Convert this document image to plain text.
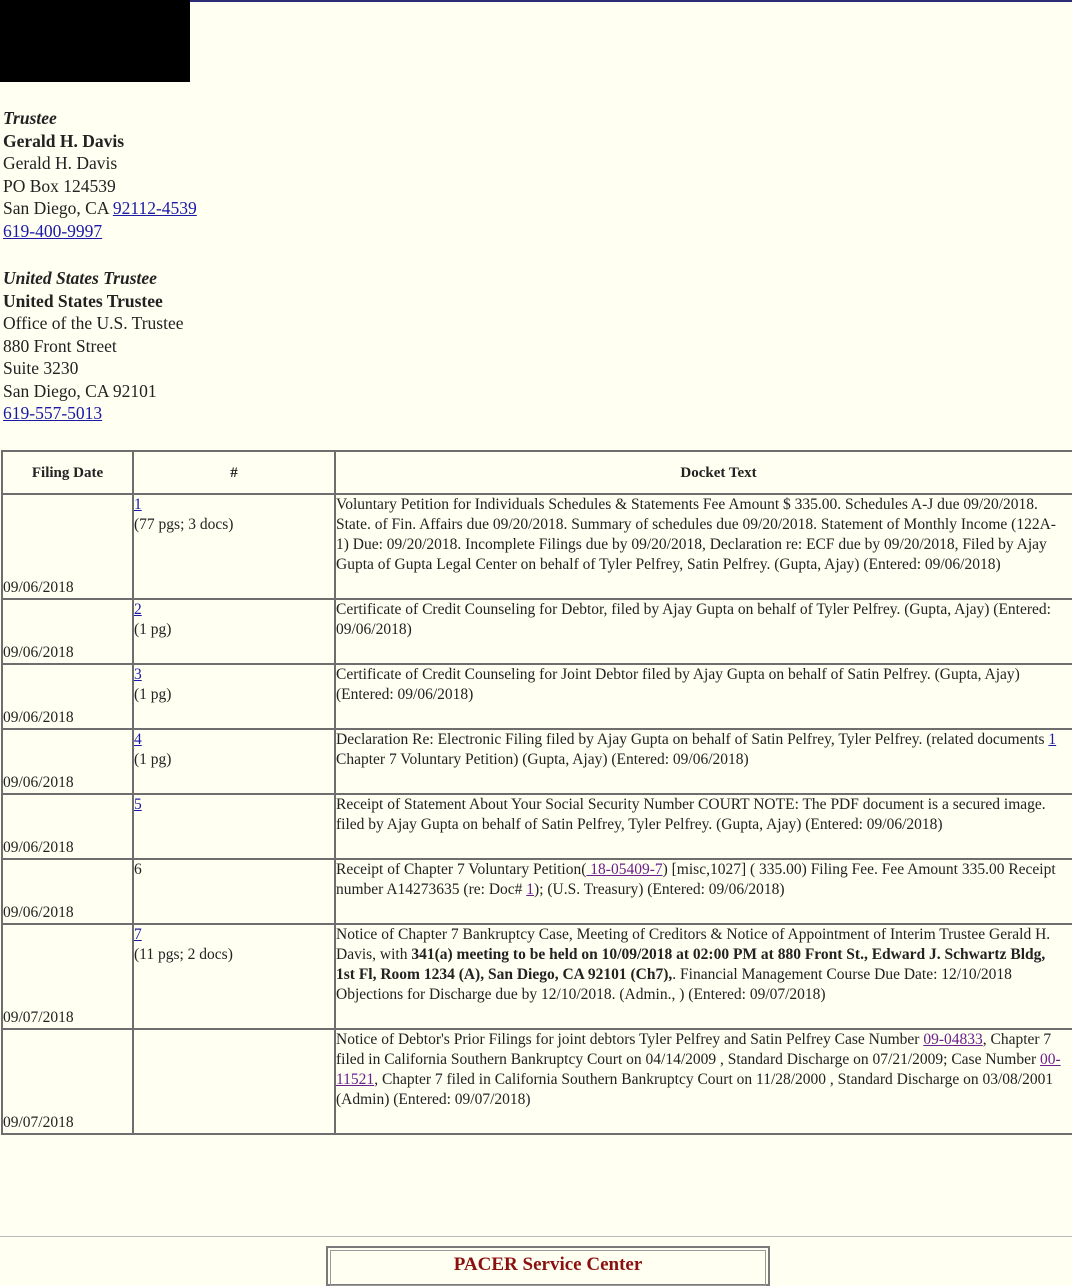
Trustee
Gerald H. Davis
Gerald H. Davis
PO Box 124539
San Diego, CA 92112-4539
619-400-9997
United States Trustee
United States Trustee
Office of the U.S. Trustee
880 Front Street
Suite 3230
San Diego, CA 92101
619-557-5013
Filing Date	#	Docket Text
09/06/2018	1
(77 pgs; 3 docs)	Voluntary Petition for Individuals Schedules & Statements Fee Amount $ 335.00. Schedules A-J due 09/20/2018.
State. of Fin. Affairs due 09/20/2018. Summary of schedules due 09/20/2018. Statement of Monthly Income (122A-
1) Due: 09/20/2018. Incomplete Filings due by 09/20/2018, Declaration re: ECF due by 09/20/2018, Filed by Ajay
Gupta of Gupta Legal Center on behalf of Tyler Pelfrey, Satin Pelfrey. (Gupta, Ajay) (Entered: 09/06/2018)

09/06/2018	2
(1 pg)	Certificate of Credit Counseling for Debtor, filed by Ajay Gupta on behalf of Tyler Pelfrey. (Gupta, Ajay) (Entered:
09/06/2018)

09/06/2018	3
(1 pg)	Certificate of Credit Counseling for Joint Debtor filed by Ajay Gupta on behalf of Satin Pelfrey. (Gupta, Ajay)
(Entered: 09/06/2018)

09/06/2018	4
(1 pg)	Declaration Re: Electronic Filing filed by Ajay Gupta on behalf of Satin Pelfrey, Tyler Pelfrey. (related documents 1
Chapter 7 Voluntary Petition) (Gupta, Ajay) (Entered: 09/06/2018)

09/06/2018	5	Receipt of Statement About Your Social Security Number COURT NOTE: The PDF document is a secured image.
filed by Ajay Gupta on behalf of Satin Pelfrey, Tyler Pelfrey. (Gupta, Ajay) (Entered: 09/06/2018)

09/06/2018	6	Receipt of Chapter 7 Voluntary Petition( 18-05409-7) [misc,1027] ( 335.00) Filing Fee. Fee Amount 335.00 Receipt
number A14273635 (re: Doc# 1); (U.S. Treasury) (Entered: 09/06/2018)

09/07/2018	7
(11 pgs; 2 docs)	Notice of Chapter 7 Bankruptcy Case, Meeting of Creditors & Notice of Appointment of Interim Trustee Gerald H.
Davis, with 341(a) meeting to be held on 10/09/2018 at 02:00 PM at 880 Front St., Edward J. Schwartz Bldg,
1st Fl, Room 1234 (A), San Diego, CA 92101 (Ch7),. Financial Management Course Due Date: 12/10/2018
Objections for Discharge due by 12/10/2018. (Admin., ) (Entered: 09/07/2018)

09/07/2018		Notice of Debtor's Prior Filings for joint debtors Tyler Pelfrey and Satin Pelfrey Case Number 09-04833, Chapter 7
filed in California Southern Bankruptcy Court on 04/14/2009 , Standard Discharge on 07/21/2009; Case Number 00-
11521, Chapter 7 filed in California Southern Bankruptcy Court on 11/28/2000 , Standard Discharge on 03/08/2001
(Admin) (Entered: 09/07/2018)
PACER Service Center
